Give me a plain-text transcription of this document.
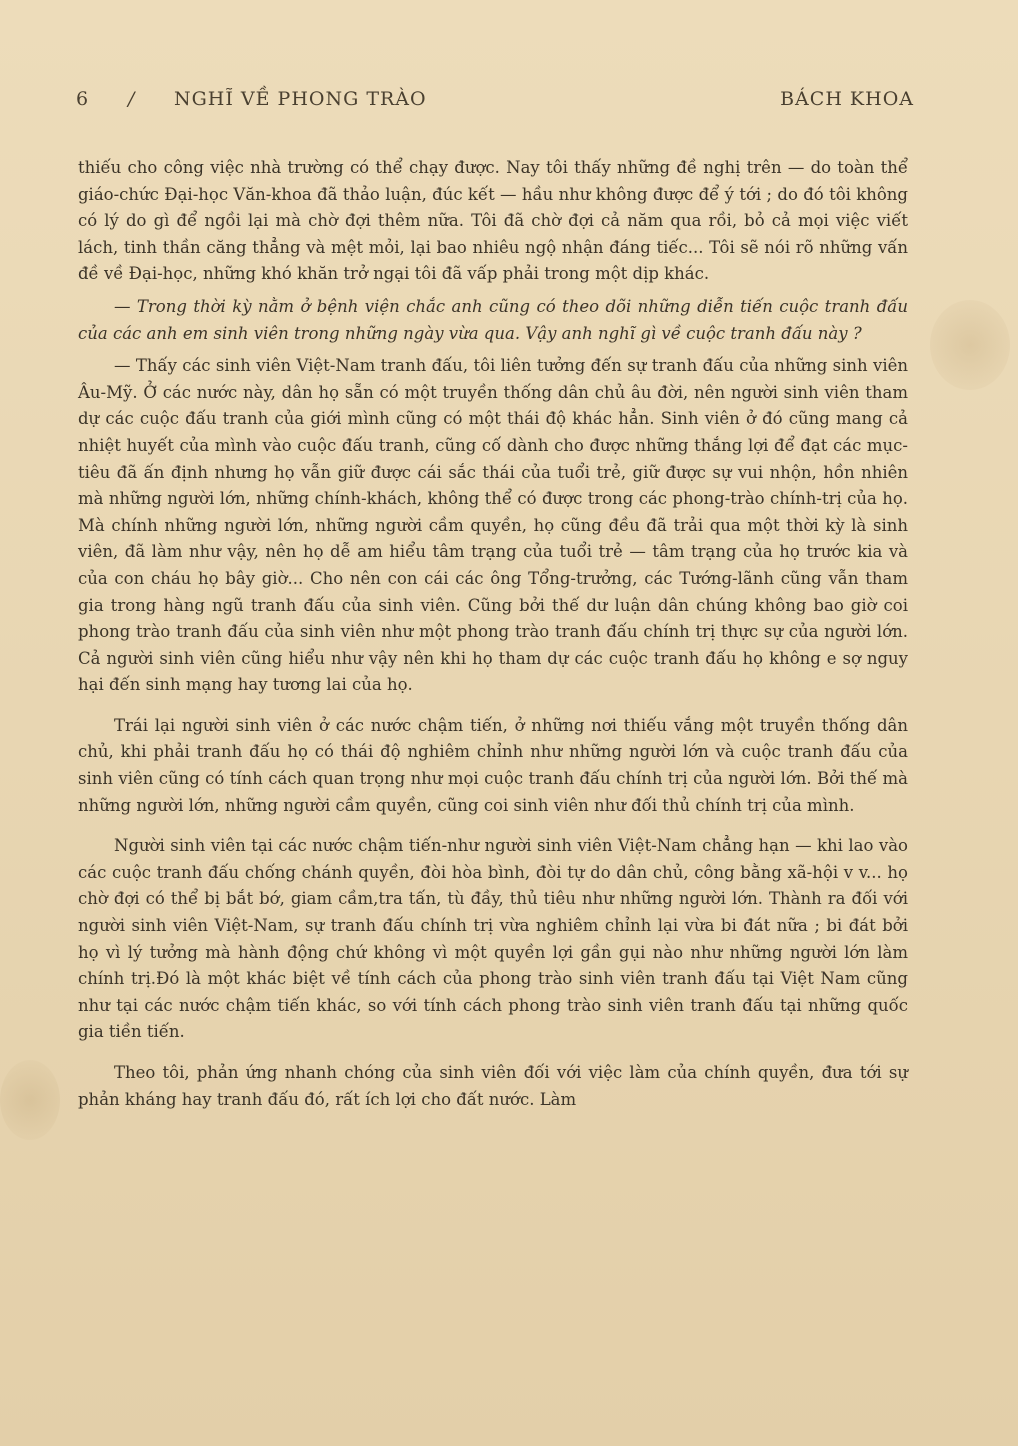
6 / NGHĨ VỀ PHONG TRÀO	BÁCH KHOA

thiếu cho công việc nhà trường có thể chạy được. Nay tôi thấy những đề nghị trên — do toàn thể giáo-chức Đại-học Văn-khoa đã thảo luận, đúc kết — hầu như không được để ý tới ; do đó tôi không có lý do gì để ngồi lại mà chờ đợi thêm nữa. Tôi đã chờ đợi cả năm qua rồi, bỏ cả mọi việc viết lách, tinh thần căng thẳng và mệt mỏi, lại bao nhiêu ngộ nhận đáng tiếc... Tôi sẽ nói rõ những vấn đề về Đại-học, những khó khăn trở ngại tôi đã vấp phải trong một dịp khác.

— Trong thời kỳ nằm ở bệnh viện chắc anh cũng có theo dõi những diễn tiến cuộc tranh đấu của các anh em sinh viên trong những ngày vừa qua. Vậy anh nghĩ gì về cuộc tranh đấu này ?

— Thấy các sinh viên Việt-Nam tranh đấu, tôi liên tưởng đến sự tranh đấu của những sinh viên Âu-Mỹ. Ở các nước này, dân họ sẵn có một truyền thống dân chủ âu đời, nên người sinh viên tham dự các cuộc đấu tranh của giới mình cũng có một thái độ khác hẳn. Sinh viên ở đó cũng mang cả nhiệt huyết của mình vào cuộc đấu tranh, cũng cố dành cho được những thắng lợi để đạt các mục-tiêu đã ấn định nhưng họ vẫn giữ được cái sắc thái của tuổi trẻ, giữ được sự vui nhộn, hồn nhiên mà những người lớn, những chính-khách, không thể có được trong các phong-trào chính-trị của họ. Mà chính những người lớn, những người cầm quyền, họ cũng đều đã trải qua một thời kỳ là sinh viên, đã làm như vậy, nên họ dễ am hiểu tâm trạng của tuổi trẻ — tâm trạng của họ trước kia và của con cháu họ bây giờ... Cho nên con cái các ông Tổng-trưởng, các Tướng-lãnh cũng vẫn tham gia trong hàng ngũ tranh đấu của sinh viên. Cũng bởi thế dư luận dân chúng không bao giờ coi phong trào tranh đấu của sinh viên như một phong trào tranh đấu chính trị thực sự của người lớn. Cả người sinh viên cũng hiểu như vậy nên khi họ tham dự các cuộc tranh đấu họ không e sợ nguy hại đến sinh mạng hay tương lai của họ.

Trái lại người sinh viên ở các nước chậm tiến, ở những nơi thiếu vắng một truyền thống dân chủ, khi phải tranh đấu họ có thái độ nghiêm chỉnh như những người lớn và cuộc tranh đấu của sinh viên cũng có tính cách quan trọng như mọi cuộc tranh đấu chính trị của người lớn. Bởi thế mà những người lớn, những người cầm quyền, cũng coi sinh viên như đối thủ chính trị của mình.

Người sinh viên tại các nước chậm tiến-như người sinh viên Việt-Nam chẳng hạn — khi lao vào các cuộc tranh đấu chống chánh quyền, đòi hòa bình, đòi tự do dân chủ, công bằng xã-hội v v... họ chờ đợi có thể bị bắt bớ, giam cầm,tra tấn, tù đầy, thủ tiêu như những người lớn. Thành ra đối với người sinh viên Việt-Nam, sự tranh đấu chính trị vừa nghiêm chỉnh lại vừa bi đát nữa ; bi đát bởi họ vì lý tưởng mà hành động chứ không vì một quyền lợi gần gụi nào như những người lớn làm chính trị.Đó là một khác biệt về tính cách của phong trào sinh viên tranh đấu tại Việt Nam cũng như tại các nước chậm tiến khác, so với tính cách phong trào sinh viên tranh đấu tại những quốc gia tiền tiến.

Theo tôi, phản ứng nhanh chóng của sinh viên đối với việc làm của chính quyền, đưa tới sự phản kháng hay tranh đấu đó, rất ích lợi cho đất nước. Làm
